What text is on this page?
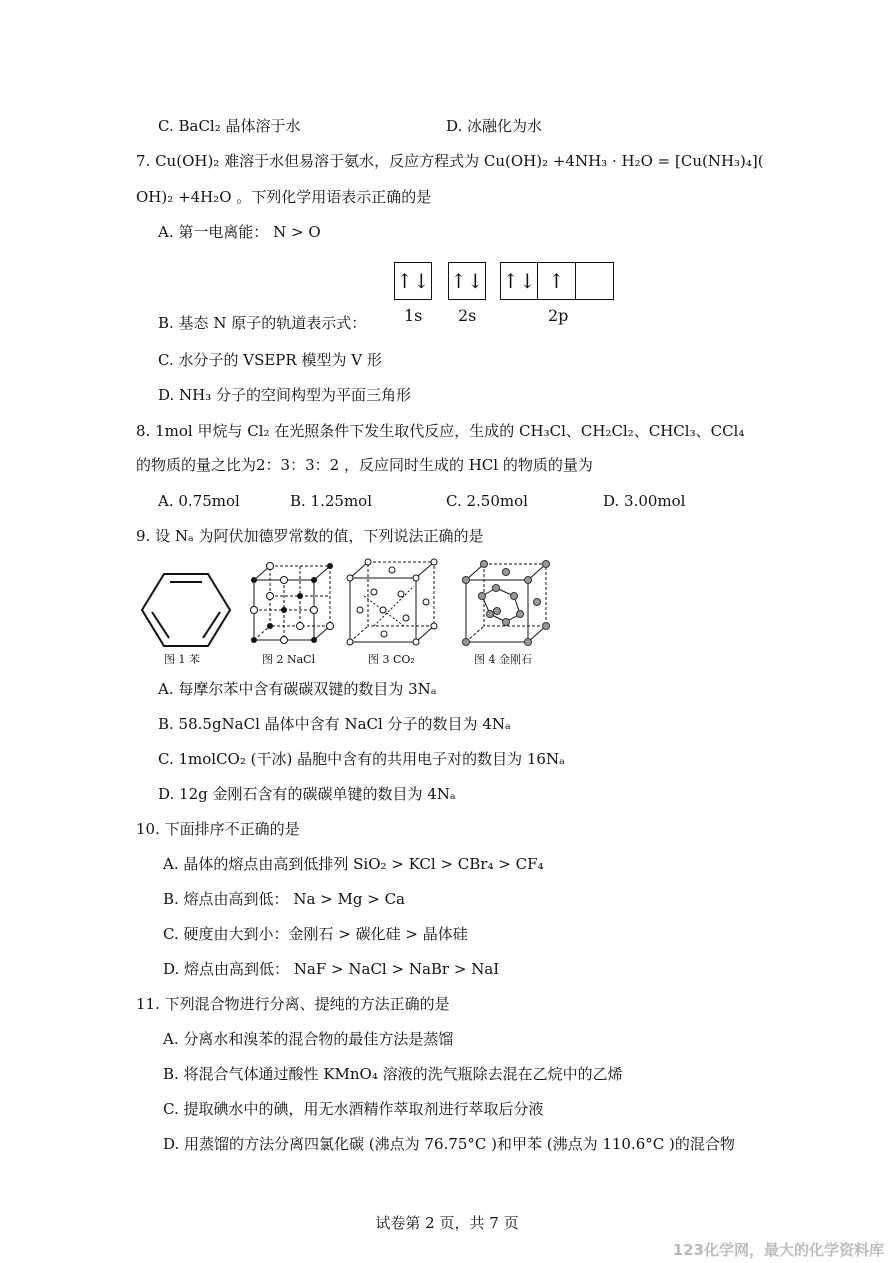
C. BaCl₂ 晶体溶于水	D. 冰融化为水
7. Cu(OH)₂ 难溶于水但易溶于氨水，反应方程式为 Cu(OH)₂ +4NH₃ · H₂O = [Cu(NH₃)₄](
OH)₂ +4H₂O 。下列化学用语表示正确的是
A. 第一电离能： N > O
↑↓ ↑↓ ↑↓ ↑
1s 2s	2p
B. 基态 N 原子的轨道表示式：
C. 水分子的 VSEPR 模型为 V 形
D. NH₃ 分子的空间构型为平面三角形
8. 1mol 甲烷与 Cl₂ 在光照条件下发生取代反应，生成的 CH₃Cl、CH₂Cl₂、CHCl₃、CCl₄
的物质的量之比为2：3：3：2 ，反应同时生成的 HCl 的物质的量为
A. 0.75mol	B. 1.25mol	C. 2.50mol	D. 3.00mol
9. 设 Nₐ 为阿伏加德罗常数的值，下列说法正确的是
图 1 苯	图 2 NaCl	图 3 CO₂	图 4 金刚石
A. 每摩尔苯中含有碳碳双键的数目为 3Nₐ
B. 58.5gNaCl 晶体中含有 NaCl 分子的数目为 4Nₐ
C. 1molCO₂ (干冰) 晶胞中含有的共用电子对的数目为 16Nₐ
D. 12g 金刚石含有的碳碳单键的数目为 4Nₐ
10. 下面排序不正确的是
A. 晶体的熔点由高到低排列 SiO₂ > KCl > CBr₄ > CF₄
B. 熔点由高到低： Na > Mg > Ca
C. 硬度由大到小：金刚石 > 碳化硅 > 晶体硅
D. 熔点由高到低： NaF > NaCl > NaBr > NaI
11. 下列混合物进行分离、提纯的方法正确的是
A. 分离水和溴苯的混合物的最佳方法是蒸馏
B. 将混合气体通过酸性 KMnO₄ 溶液的洗气瓶除去混在乙烷中的乙烯
C. 提取碘水中的碘，用无水酒精作萃取剂进行萃取后分液
D. 用蒸馏的方法分离四氯化碳 (沸点为 76.75°C )和甲苯 (沸点为 110.6°C )的混合物
试卷第 2 页，共 7 页
123化学网，最大的化学资料库
